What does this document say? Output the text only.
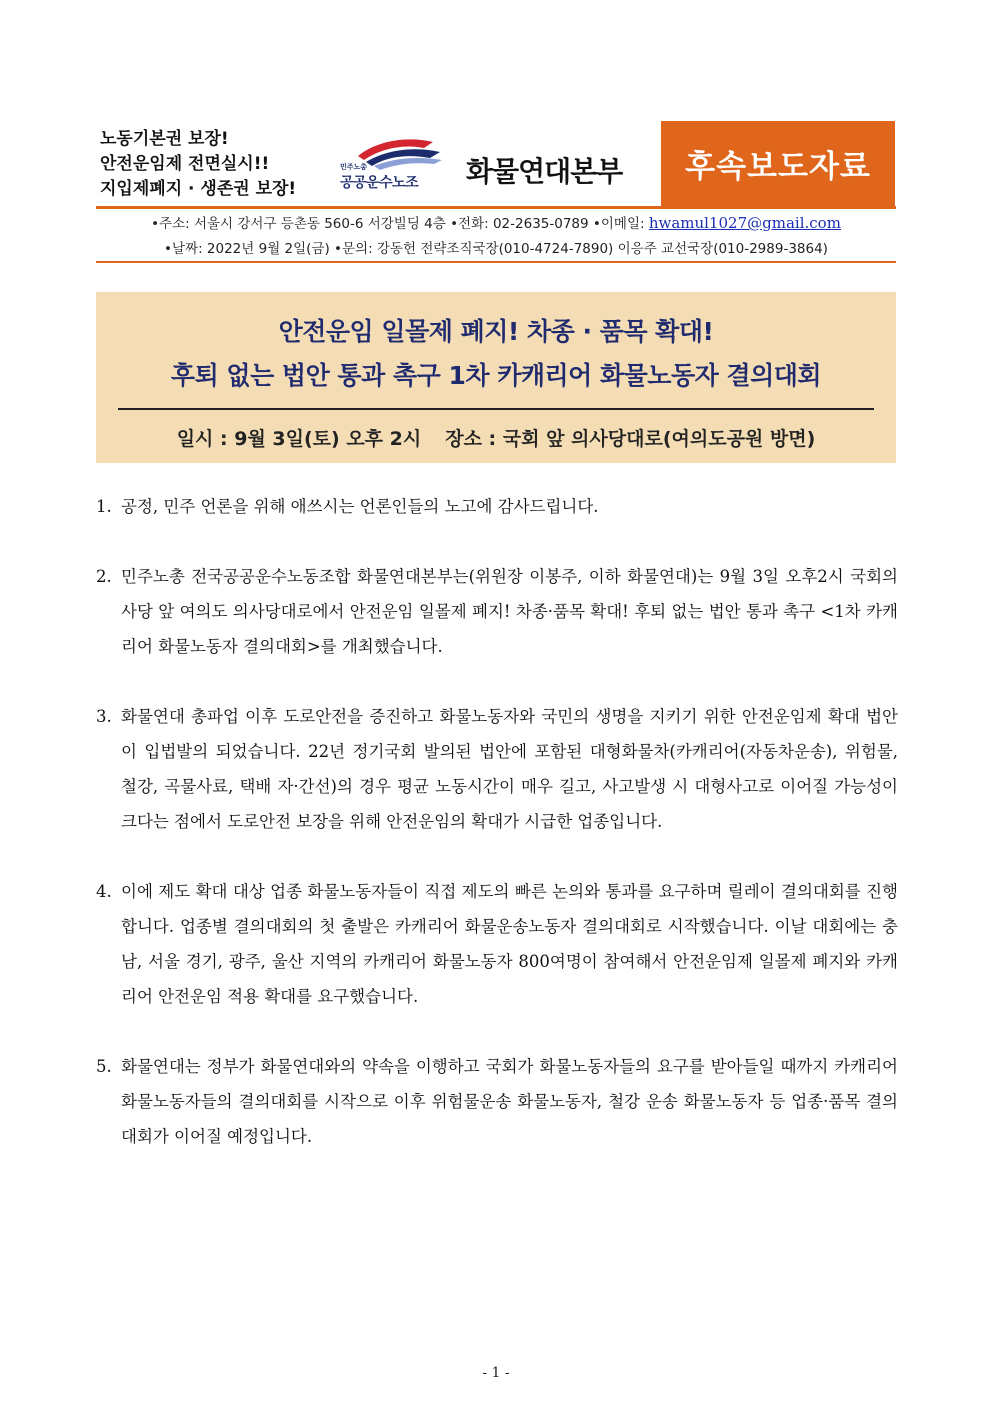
노동기본권 보장!
안전운임제 전면실시!!
지입제폐지 · 생존권 보장!
민주노총
공공운수노조 화물연대본부 후속보도자료
•주소: 서울시 강서구 등촌동 560-6 서강빌딩 4층 •전화: 02-2635-0789 •이메일: hwamul1027@gmail.com
•날짜: 2022년 9월 2일(금) •문의: 강동헌 전략조직국장(010-4724-7890) 이응주 교선국장(010-2989-3864)
안전운임 일몰제 폐지! 차종 · 품목 확대!
후퇴 없는 법안 통과 촉구 1차 카캐리어 화물노동자 결의대회
일시 : 9월 3일(토) 오후 2시 장소 : 국회 앞 의사당대로(여의도공원 방면)
1. 공정, 민주 언론을 위해 애쓰시는 언론인들의 노고에 감사드립니다.
2. 민주노총 전국공공운수노동조합 화물연대본부는(위원장 이봉주, 이하 화물연대)는 9월 3일 오후2시 국회의사당 앞 여의도 의사당대로에서 안전운임 일몰제 폐지! 차종·품목 확대! 후퇴 없는 법안 통과 촉구 <1차 카캐리어 화물노동자 결의대회>를 개최했습니다.
3. 화물연대 총파업 이후 도로안전을 증진하고 화물노동자와 국민의 생명을 지키기 위한 안전운임제 확대 법안이 입법발의 되었습니다. 22년 정기국회 발의된 법안에 포함된 대형화물차(카캐리어(자동차운송), 위험물, 철강, 곡물사료, 택배 자·간선)의 경우 평균 노동시간이 매우 길고, 사고발생 시 대형사고로 이어질 가능성이 크다는 점에서 도로안전 보장을 위해 안전운임의 확대가 시급한 업종입니다.
4. 이에 제도 확대 대상 업종 화물노동자들이 직접 제도의 빠른 논의와 통과를 요구하며 릴레이 결의대회를 진행합니다. 업종별 결의대회의 첫 출발은 카캐리어 화물운송노동자 결의대회로 시작했습니다. 이날 대회에는 충남, 서울 경기, 광주, 울산 지역의 카캐리어 화물노동자 800여명이 참여해서 안전운임제 일몰제 폐지와 카캐리어 안전운임 적용 확대를 요구했습니다.
5. 화물연대는 정부가 화물연대와의 약속을 이행하고 국회가 화물노동자들의 요구를 받아들일 때까지 카캐리어 화물노동자들의 결의대회를 시작으로 이후 위험물운송 화물노동자, 철강 운송 화물노동자 등 업종·품목 결의대회가 이어질 예정입니다.
- 1 -
